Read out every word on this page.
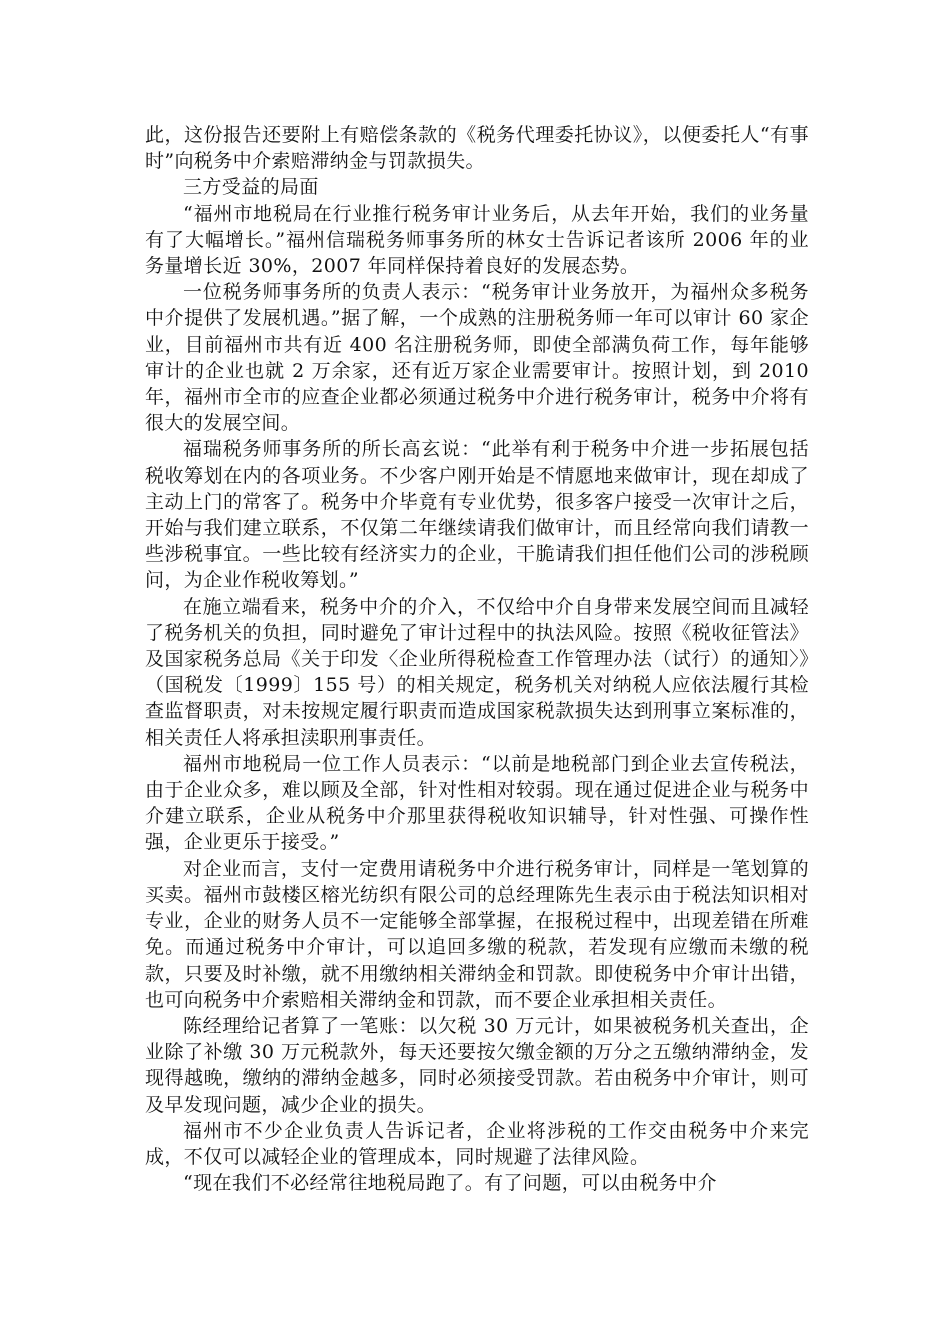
此，这份报告还要附上有赔偿条款的《税务代理委托协议》，以便委托人“有事时”向税务中介索赔滞纳金与罚款损失。

三方受益的局面

“福州市地税局在行业推行税务审计业务后，从去年开始，我们的业务量有了大幅增长。”福州信瑞税务师事务所的林女士告诉记者该所 2006 年的业务量增长近 30%，2007 年同样保持着良好的发展态势。

一位税务师事务所的负责人表示：“税务审计业务放开，为福州众多税务中介提供了发展机遇。”据了解，一个成熟的注册税务师一年可以审计 60 家企业，目前福州市共有近 400 名注册税务师，即使全部满负荷工作，每年能够审计的企业也就 2 万余家，还有近万家企业需要审计。按照计划，到 2010 年，福州市全市的应查企业都必须通过税务中介进行税务审计，税务中介将有很大的发展空间。

福瑞税务师事务所的所长高玄说：“此举有利于税务中介进一步拓展包括税收筹划在内的各项业务。不少客户刚开始是不情愿地来做审计，现在却成了主动上门的常客了。税务中介毕竟有专业优势，很多客户接受一次审计之后，开始与我们建立联系，不仅第二年继续请我们做审计，而且经常向我们请教一些涉税事宜。一些比较有经济实力的企业，干脆请我们担任他们公司的涉税顾问，为企业作税收筹划。”

在施立端看来，税务中介的介入，不仅给中介自身带来发展空间而且减轻了税务机关的负担，同时避免了审计过程中的执法风险。按照《税收征管法》及国家税务总局《关于印发〈企业所得税检查工作管理办法（试行）的通知〉》（国税发〔1999〕155 号）的相关规定，税务机关对纳税人应依法履行其检查监督职责，对未按规定履行职责而造成国家税款损失达到刑事立案标准的，相关责任人将承担渎职刑事责任。

福州市地税局一位工作人员表示：“以前是地税部门到企业去宣传税法，由于企业众多，难以顾及全部，针对性相对较弱。现在通过促进企业与税务中介建立联系，企业从税务中介那里获得税收知识辅导，针对性强、可操作性强，企业更乐于接受。”

对企业而言，支付一定费用请税务中介进行税务审计，同样是一笔划算的买卖。福州市鼓楼区榕光纺织有限公司的总经理陈先生表示由于税法知识相对专业，企业的财务人员不一定能够全部掌握，在报税过程中，出现差错在所难免。而通过税务中介审计，可以追回多缴的税款，若发现有应缴而未缴的税款，只要及时补缴，就不用缴纳相关滞纳金和罚款。即使税务中介审计出错，也可向税务中介索赔相关滞纳金和罚款，而不要企业承担相关责任。

陈经理给记者算了一笔账：以欠税 30 万元计，如果被税务机关查出，企业除了补缴 30 万元税款外，每天还要按欠缴金额的万分之五缴纳滞纳金，发现得越晚，缴纳的滞纳金越多，同时必须接受罚款。若由税务中介审计，则可及早发现问题，减少企业的损失。

福州市不少企业负责人告诉记者，企业将涉税的工作交由税务中介来完成，不仅可以减轻企业的管理成本，同时规避了法律风险。

“现在我们不必经常往地税局跑了。有了问题，可以由税务中介
